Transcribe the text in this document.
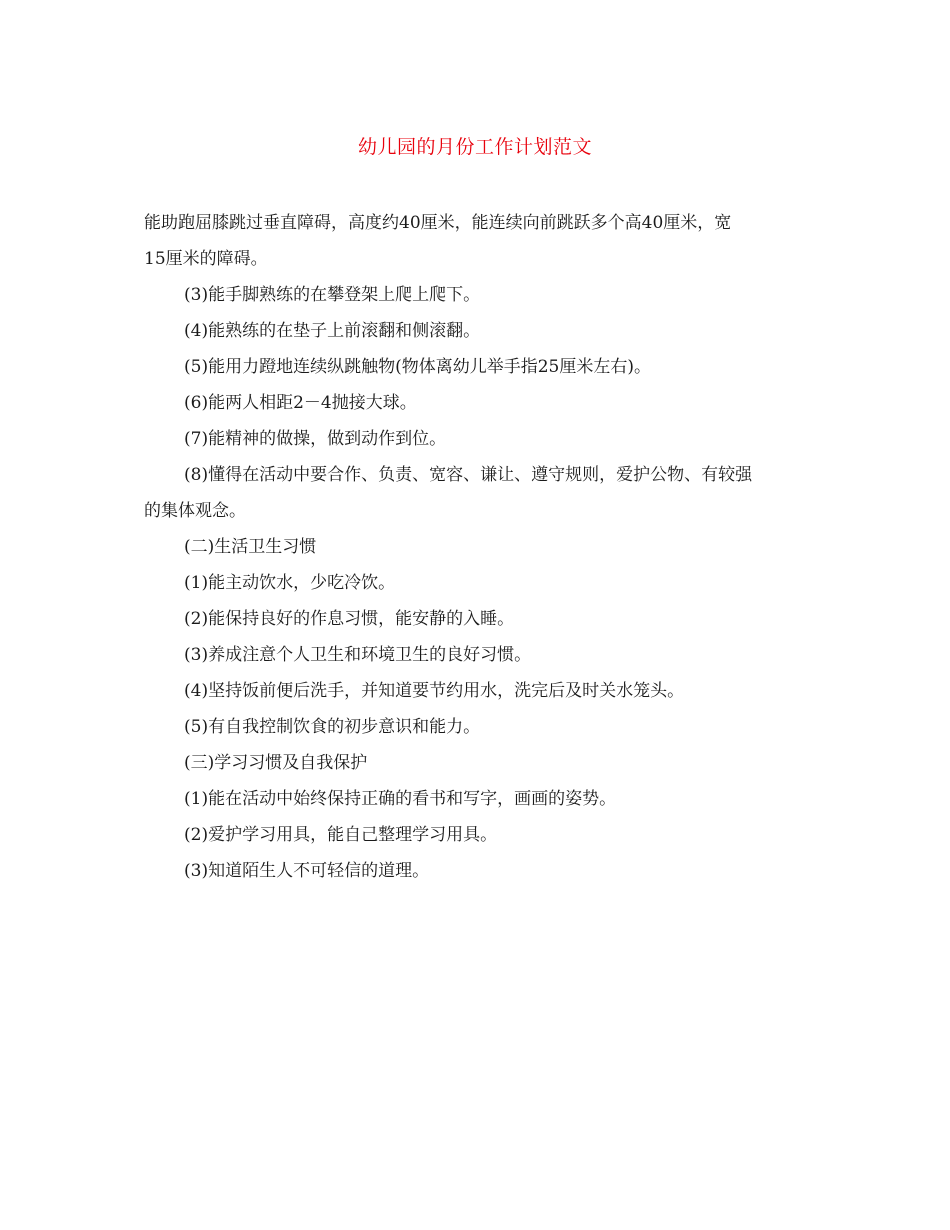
幼儿园的月份工作计划范文

能助跑屈膝跳过垂直障碍，高度约40厘米，能连续向前跳跃多个高40厘米，宽

15厘米的障碍。

(3)能手脚熟练的在攀登架上爬上爬下。

(4)能熟练的在垫子上前滚翻和侧滚翻。

(5)能用力蹬地连续纵跳触物(物体离幼儿举手指25厘米左右)。

(6)能两人相距2－4抛接大球。

(7)能精神的做操，做到动作到位。

(8)懂得在活动中要合作、负责、宽容、谦让、遵守规则，爱护公物、有较强

的集体观念。

(二)生活卫生习惯

(1)能主动饮水，少吃冷饮。

(2)能保持良好的作息习惯，能安静的入睡。

(3)养成注意个人卫生和环境卫生的良好习惯。

(4)坚持饭前便后洗手，并知道要节约用水，洗完后及时关水笼头。

(5)有自我控制饮食的初步意识和能力。

(三)学习习惯及自我保护

(1)能在活动中始终保持正确的看书和写字，画画的姿势。

(2)爱护学习用具，能自己整理学习用具。

(3)知道陌生人不可轻信的道理。
